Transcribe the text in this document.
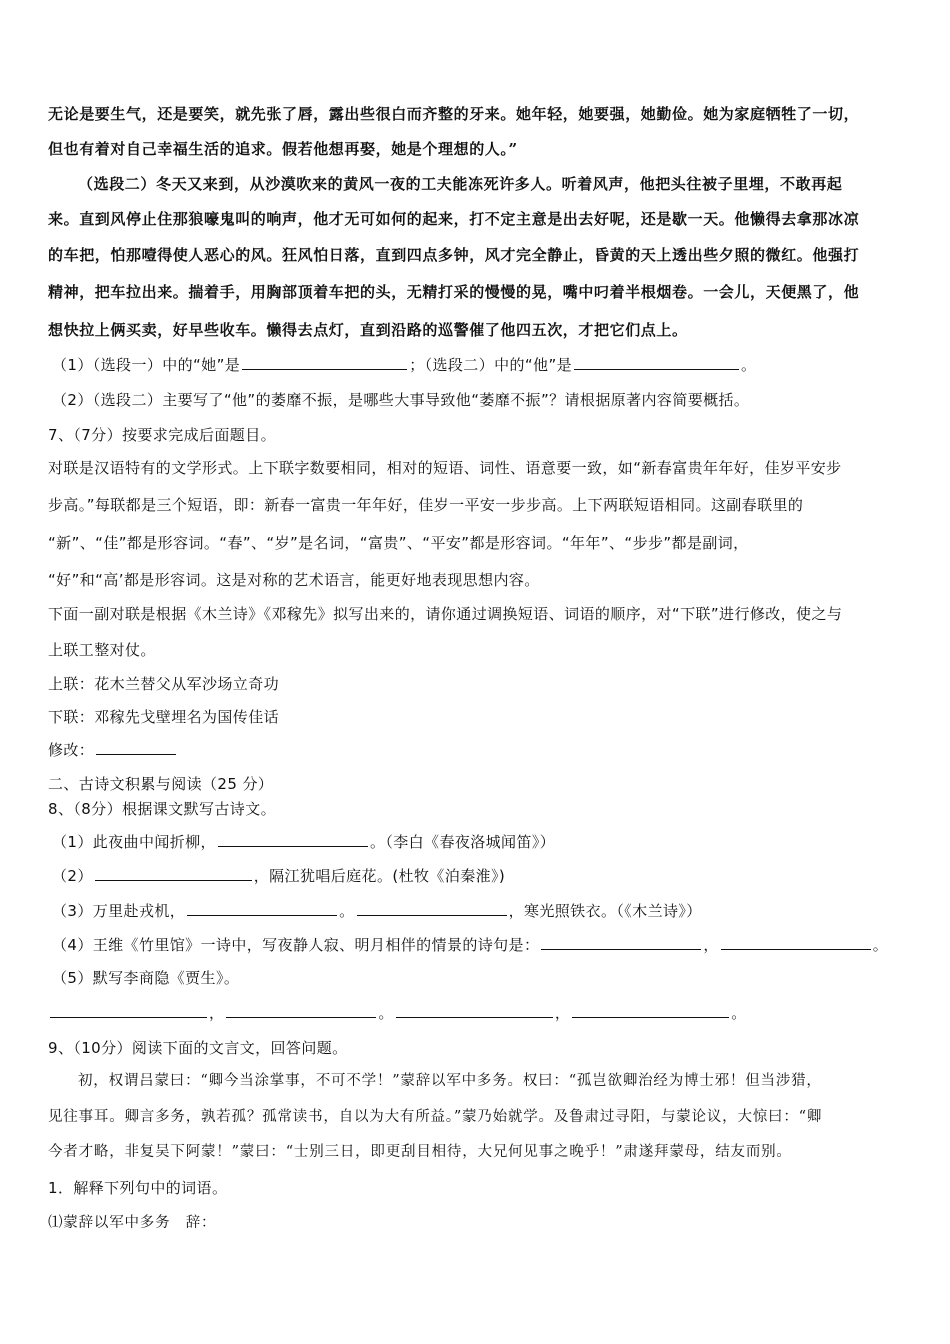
无论是要生气，还是要笑，就先张了唇，露出些很白而齐整的牙来。她年轻，她要强，她勤俭。她为家庭牺牲了一切，
但也有着对自己幸福生活的追求。假若他想再娶，她是个理想的人。”
（选段二）冬天又来到，从沙漠吹来的黄风一夜的工夫能冻死许多人。听着风声，他把头往被子里埋，不敢再起
来。直到风停止住那狼嚎鬼叫的响声，他才无可如何的起来，打不定主意是出去好呢，还是歇一天。他懒得去拿那冰凉
的车把，怕那噎得使人恶心的风。狂风怕日落，直到四点多钟，风才完全静止，昏黄的天上透出些夕照的微红。他强打
精神，把车拉出来。揣着手，用胸部顶着车把的头，无精打采的慢慢的晃，嘴中叼着半根烟卷。一会儿，天便黑了，他
想快拉上俩买卖，好早些收车。懒得去点灯，直到沿路的巡警催了他四五次，才把它们点上。
（1）（选段一）中的“她”是	；（选段二）中的“他”是	。
（2）（选段二）主要写了“他”的萎靡不振，是哪些大事导致他“萎靡不振”？请根据原著内容简要概括。
7、（7分）按要求完成后面题目。
对联是汉语特有的文学形式。上下联字数要相同，相对的短语、词性、语意要一致，如“新春富贵年年好，佳岁平安步
步高。”每联都是三个短语，即：新春一富贵一年年好，佳岁一平安一步步高。上下两联短语相同。这副春联里的
“新”、“佳”都是形容词。“春”、“岁”是名词，“富贵”、“平安”都是形容词。“年年”、“步步”都是副词，
“好”和“高’都是形容词。这是对称的艺术语言，能更好地表现思想内容。
下面一副对联是根据《木兰诗》《邓稼先》拟写出来的，请你通过调换短语、词语的顺序，对“下联”进行修改，使之与
上联工整对仗。
上联：花木兰替父从军沙场立奇功
下联：邓稼先戈壁埋名为国传佳话
修改：
二、古诗文积累与阅读（25 分）
8、（8分）根据课文默写古诗文。
（1）此夜曲中闻折柳，	。（李白《春夜洛城闻笛》）
（2）	，隔江犹唱后庭花。(杜牧《泊秦淮》)
（3）万里赴戎机，	。	，寒光照铁衣。（《木兰诗》）
（4）王维《竹里馆》一诗中，写夜静人寂、明月相伴的情景的诗句是：	，	。
（5）默写李商隐《贾生》。
，	。	，	。
9、（10分）阅读下面的文言文，回答问题。
初，权谓吕蒙曰：“卿今当涂掌事，不可不学！”蒙辞以军中多务。权曰：“孤岂欲卿治经为博士邪！但当涉猎，
见往事耳。卿言多务，孰若孤？孤常读书，自以为大有所益。”蒙乃始就学。及鲁肃过寻阳，与蒙论议，大惊曰：“卿
今者才略，非复吴下阿蒙！”蒙曰：“士别三日，即更刮目相待，大兄何见事之晚乎！”肃遂拜蒙母，结友而别。
1．解释下列句中的词语。
⑴蒙辞以军中多务　辞：
